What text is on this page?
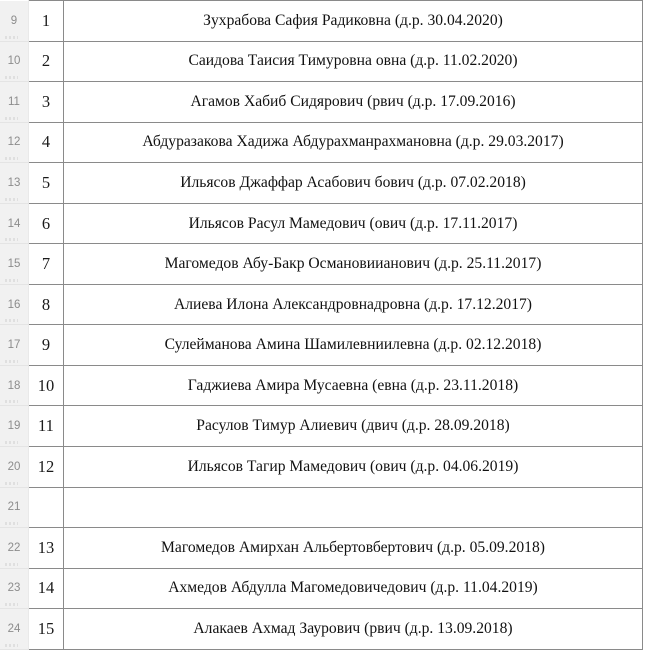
9	1	Зухрабова Сафия Радиковна (д.р. 30.04.2020)	
10	2	Саидова Таисия Тимуровна овна (д.р. 11.02.2020)	
11	3	Агамов Хабиб Сидярович (рвич (д.р. 17.09.2016)	
12	4	Абдуразакова Хадижа Абдурахманрахмановна (д.р. 29.03.2017)	
13	5	Ильясов Джаффар Асабович бович (д.р. 07.02.2018)	
14	6	Ильясов Расул Мамедович (ович (д.р. 17.11.2017)	
15	7	Магомедов Абу-Бакр Османовиианович (д.р. 25.11.2017)	
16	8	Алиева Илона Александровнадровна (д.р. 17.12.2017)	
17	9	Сулейманова Амина Шамилевниилевна (д.р. 02.12.2018)	
18	10	Гаджиева Амира Мусаевна (евна (д.р. 23.11.2018)	
19	11	Расулов Тимур Алиевич (двич (д.р. 28.09.2018)	
20	12	Ильясов Тагир Мамедович (ович (д.р. 04.06.2019)	
21

22	13	Магомедов Амирхан Альбертовбертович (д.р. 05.09.2018)	
23	14	Ахмедов Абдулла Магомедовичедович (д.р. 11.04.2019)	
24	15	Алакаев Ахмад Заурович (рвич (д.р. 13.09.2018)	
